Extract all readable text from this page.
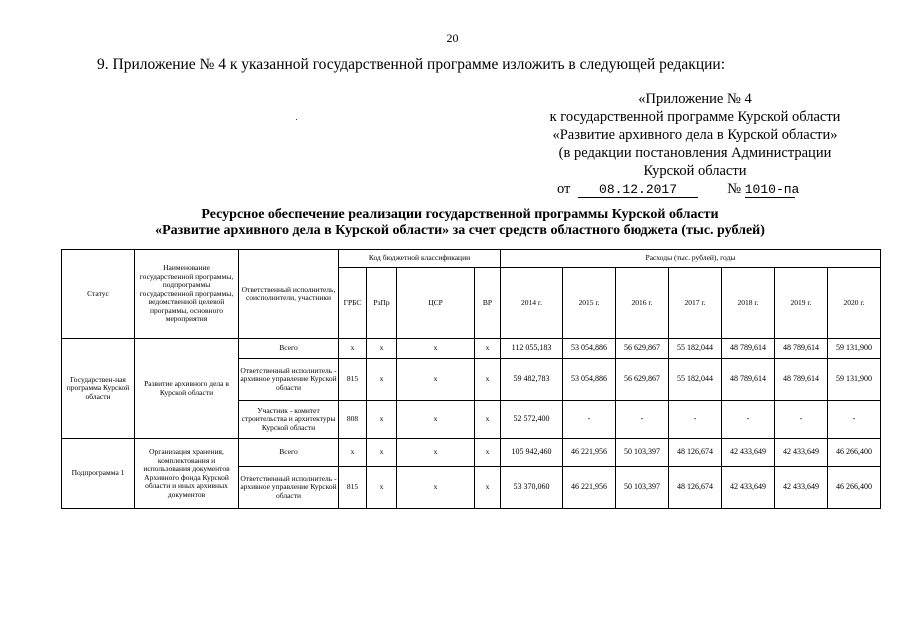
20
9. Приложение № 4 к указанной государственной программе изложить в следующей редакции:
«Приложение № 4
к государственной программе Курской области
«Развитие архивного дела в Курской области»
(в редакции постановления Администрации
Курской области
от 08.12.2017	№ 1010-па
Ресурсное обеспечение реализации государственной программы Курской области
«Развитие архивного дела в Курской области» за счет средств областного бюджета (тыс. рублей)
Статус	Наименование государственной программы, подпрограммы государственной программы, ведомственной целевой программы, основного мероприятия	Ответственный исполнитель, соисполнители, участники	Код бюджетной классификации				Расходы (тыс. рублей), годы						
			ГРБС	РзПр	ЦСР	ВР	2014 г.	2015 г.	2016 г.	2017 г.	2018 г.	2019 г.	2020 г.
Государствен-ная программа Курской области	Развитие архивного дела в Курской области	Всего	x	x	x	x	112 055,183	53 054,886	56 629,867	55 182,044	48 789,614	48 789,614	59 131,900
		Ответственный исполнитель - архивное управление Курской области	815	x	x	x	59 482,783	53 054,886	56 629,867	55 182,044	48 789,614	48 789,614	59 131,900
		Участник - комитет строительства и архитектуры Курской области	808	x	x	x	52 572,400	-	-	-	-	-	-
Подпрограмма 1	Организация хранения, комплектования и использования документов Архивного фонда Курской области и иных архивных документов	Всего	x	x	x	x	105 942,460	46 221,956	50 103,397	48 126,674	42 433,649	42 433,649	46 266,400
		Ответственный исполнитель - архивное управление Курской области	815	x	x	x	53 370,060	46 221,956	50 103,397	48 126,674	42 433,649	42 433,649	46 266,400
